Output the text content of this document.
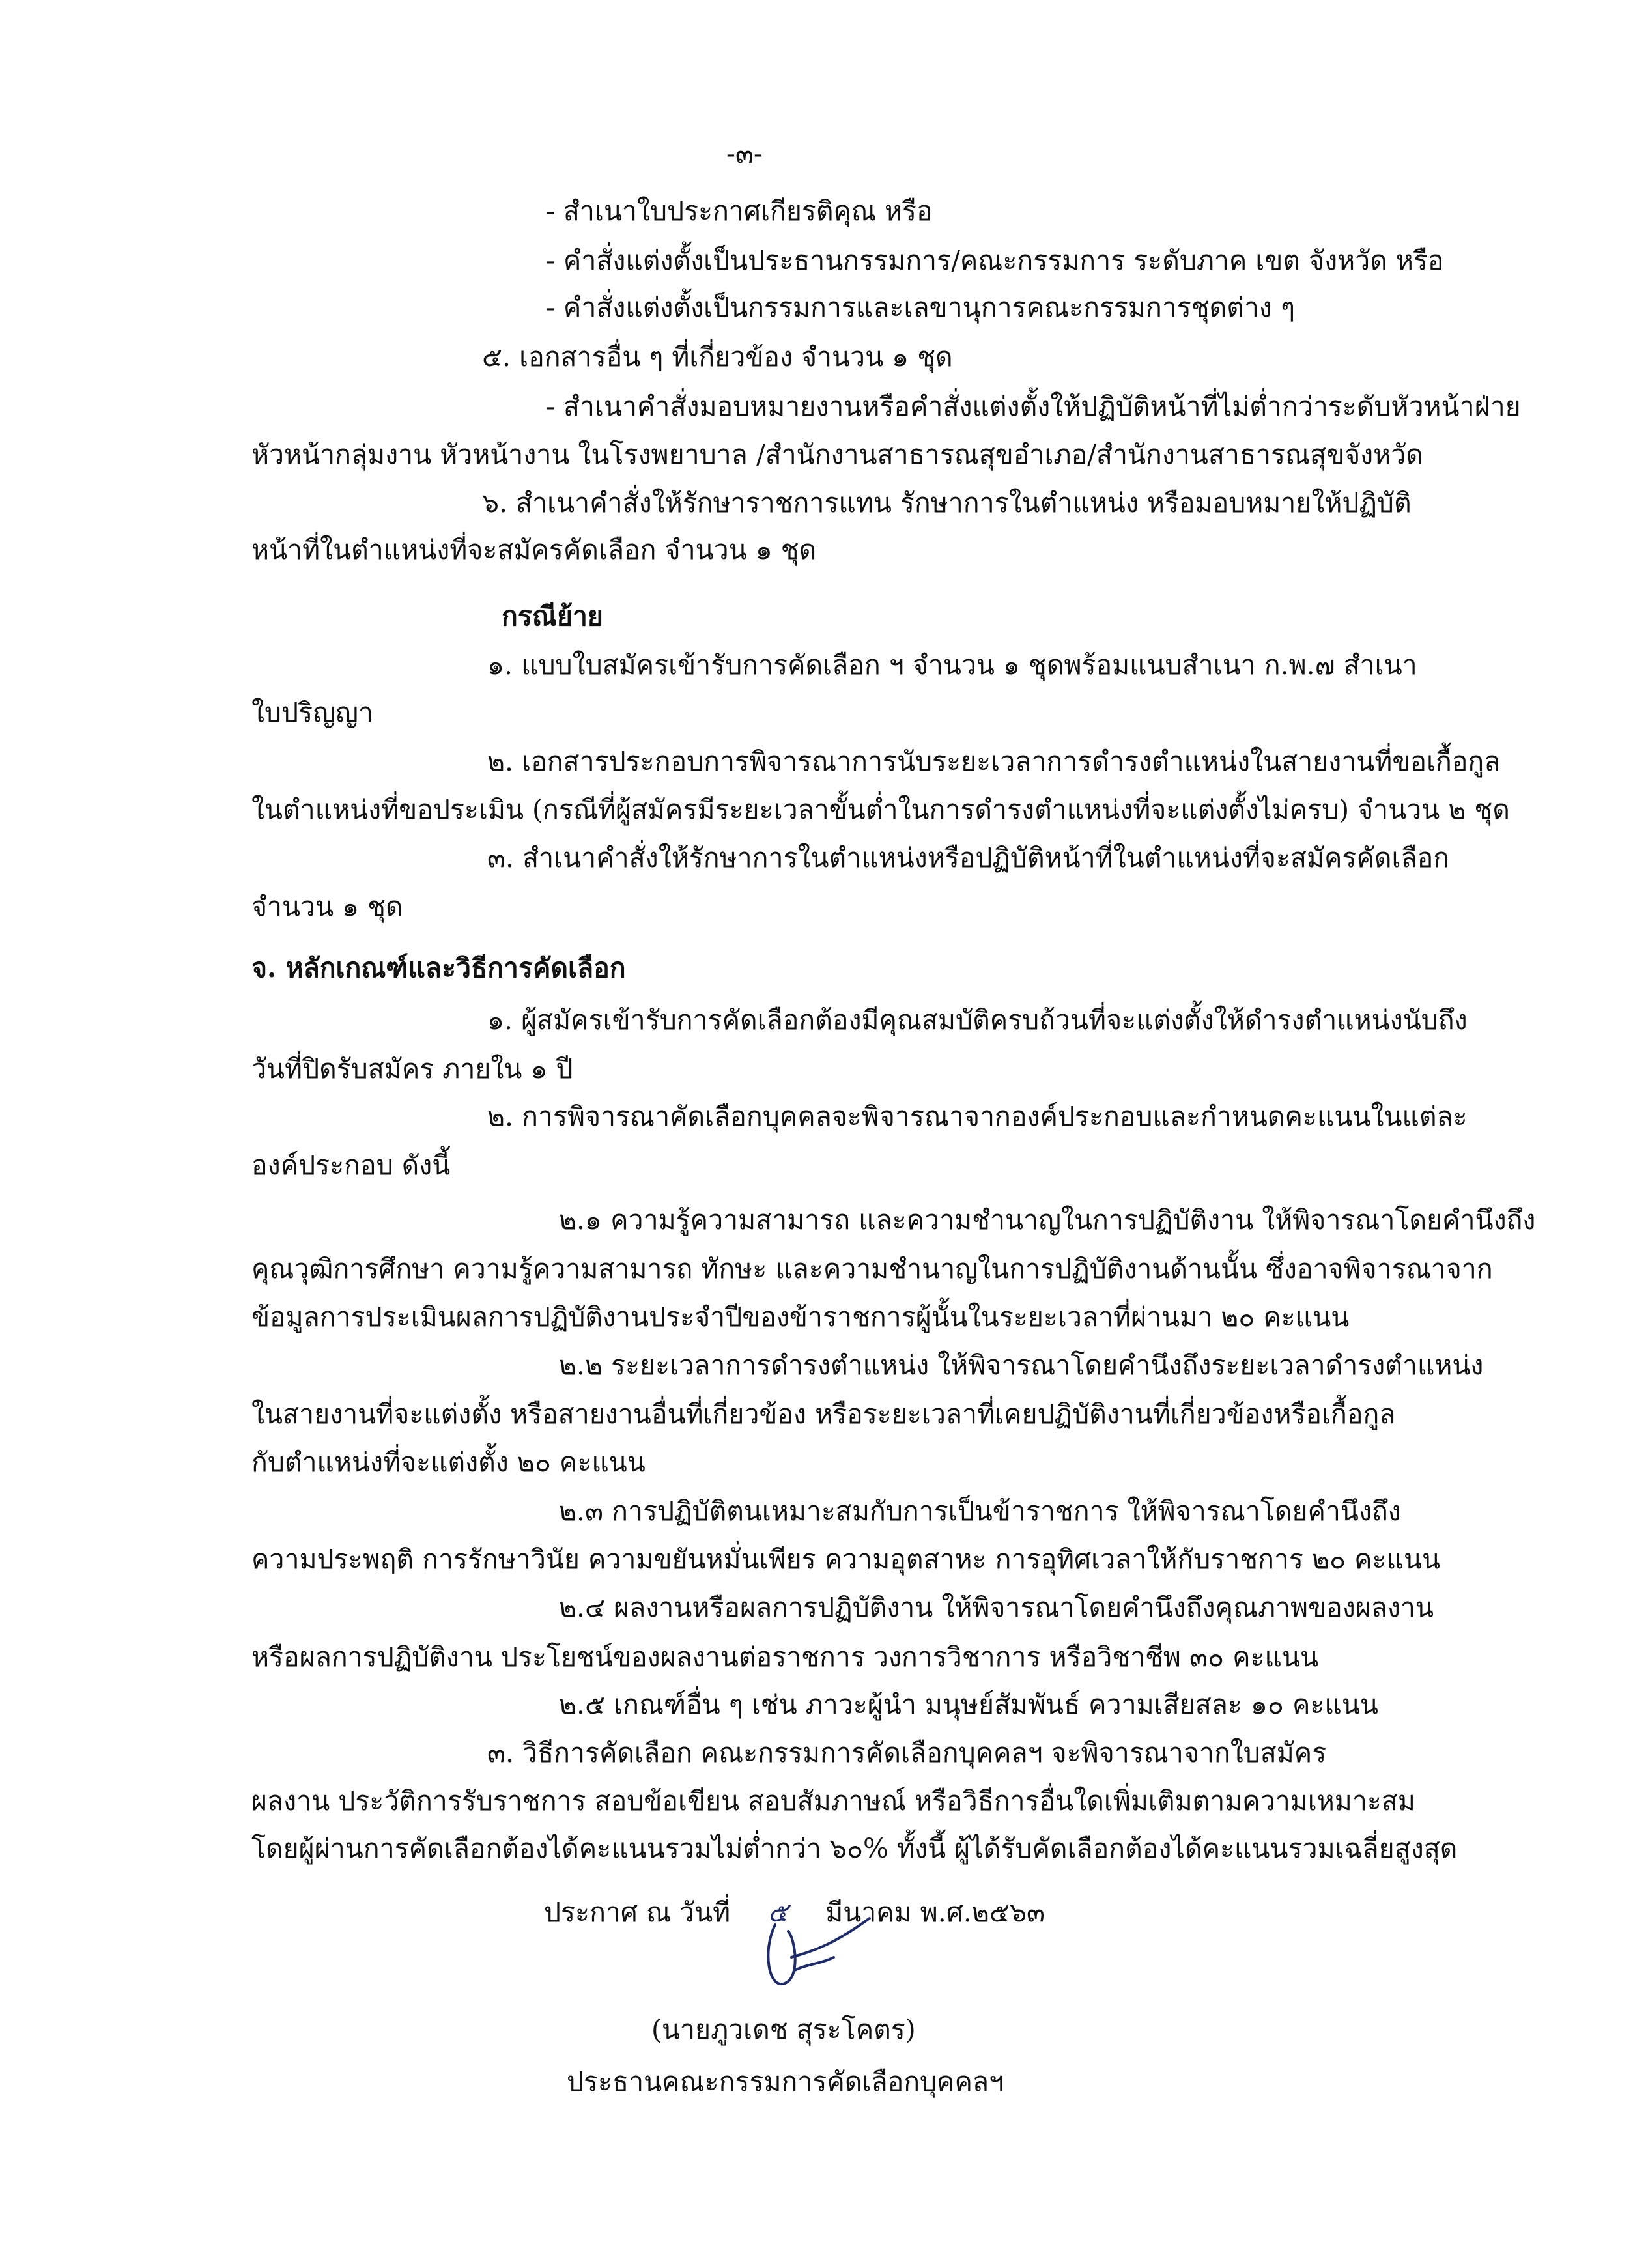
-๓-
- สำเนาใบประกาศเกียรติคุณ หรือ
- คำสั่งแต่งตั้งเป็นประธานกรรมการ/คณะกรรมการ ระดับภาค เขต จังหวัด หรือ
- คำสั่งแต่งตั้งเป็นกรรมการและเลขานุการคณะกรรมการชุดต่าง ๆ
๕. เอกสารอื่น ๆ ที่เกี่ยวข้อง จำนวน ๑ ชุด
- สำเนาคำสั่งมอบหมายงานหรือคำสั่งแต่งตั้งให้ปฏิบัติหน้าที่ไม่ต่ำกว่าระดับหัวหน้าฝ่าย
หัวหน้ากลุ่มงาน หัวหน้างาน ในโรงพยาบาล /สำนักงานสาธารณสุขอำเภอ/สำนักงานสาธารณสุขจังหวัด
๖. สำเนาคำสั่งให้รักษาราชการแทน รักษาการในตำแหน่ง หรือมอบหมายให้ปฏิบัติ
หน้าที่ในตำแหน่งที่จะสมัครคัดเลือก จำนวน ๑ ชุด
กรณีย้าย
๑. แบบใบสมัครเข้ารับการคัดเลือก ฯ จำนวน ๑ ชุดพร้อมแนบสำเนา ก.พ.๗ สำเนา
ใบปริญญา
๒. เอกสารประกอบการพิจารณาการนับระยะเวลาการดำรงตำแหน่งในสายงานที่ขอเกื้อกูล
ในตำแหน่งที่ขอประเมิน (กรณีที่ผู้สมัครมีระยะเวลาขั้นต่ำในการดำรงตำแหน่งที่จะแต่งตั้งไม่ครบ) จำนวน ๒ ชุด
๓. สำเนาคำสั่งให้รักษาการในตำแหน่งหรือปฏิบัติหน้าที่ในตำแหน่งที่จะสมัครคัดเลือก
จำนวน ๑ ชุด
จ. หลักเกณฑ์และวิธีการคัดเลือก
๑. ผู้สมัครเข้ารับการคัดเลือกต้องมีคุณสมบัติครบถ้วนที่จะแต่งตั้งให้ดำรงตำแหน่งนับถึง
วันที่ปิดรับสมัคร ภายใน ๑ ปี
๒. การพิจารณาคัดเลือกบุคคลจะพิจารณาจากองค์ประกอบและกำหนดคะแนนในแต่ละ
องค์ประกอบ ดังนี้
๒.๑ ความรู้ความสามารถ และความชำนาญในการปฏิบัติงาน ให้พิจารณาโดยคำนึงถึง
คุณวุฒิการศึกษา ความรู้ความสามารถ ทักษะ และความชำนาญในการปฏิบัติงานด้านนั้น ซึ่งอาจพิจารณาจาก
ข้อมูลการประเมินผลการปฏิบัติงานประจำปีของข้าราชการผู้นั้นในระยะเวลาที่ผ่านมา ๒๐ คะแนน
๒.๒ ระยะเวลาการดำรงตำแหน่ง ให้พิจารณาโดยคำนึงถึงระยะเวลาดำรงตำแหน่ง
ในสายงานที่จะแต่งตั้ง หรือสายงานอื่นที่เกี่ยวข้อง หรือระยะเวลาที่เคยปฏิบัติงานที่เกี่ยวข้องหรือเกื้อกูล
กับตำแหน่งที่จะแต่งตั้ง ๒๐ คะแนน
๒.๓ การปฏิบัติตนเหมาะสมกับการเป็นข้าราชการ ให้พิจารณาโดยคำนึงถึง
ความประพฤติ การรักษาวินัย ความขยันหมั่นเพียร ความอุตสาหะ การอุทิศเวลาให้กับราชการ ๒๐ คะแนน
๒.๔ ผลงานหรือผลการปฏิบัติงาน ให้พิจารณาโดยคำนึงถึงคุณภาพของผลงาน
หรือผลการปฏิบัติงาน ประโยชน์ของผลงานต่อราชการ วงการวิชาการ หรือวิชาชีพ ๓๐ คะแนน
๒.๕ เกณฑ์อื่น ๆ เช่น ภาวะผู้นำ มนุษย์สัมพันธ์ ความเสียสละ ๑๐ คะแนน
๓. วิธีการคัดเลือก คณะกรรมการคัดเลือกบุคคลฯ จะพิจารณาจากใบสมัคร
ผลงาน ประวัติการรับราชการ สอบข้อเขียน สอบสัมภาษณ์ หรือวิธีการอื่นใดเพิ่มเติมตามความเหมาะสม
โดยผู้ผ่านการคัดเลือกต้องได้คะแนนรวมไม่ต่ำกว่า ๖๐% ทั้งนี้ ผู้ได้รับคัดเลือกต้องได้คะแนนรวมเฉลี่ยสูงสุด
ประกาศ ณ วันที่ ๕ มีนาคม พ.ศ.๒๕๖๓
(นายภูวเดช สุระโคตร)
ประธานคณะกรรมการคัดเลือกบุคคลฯ
